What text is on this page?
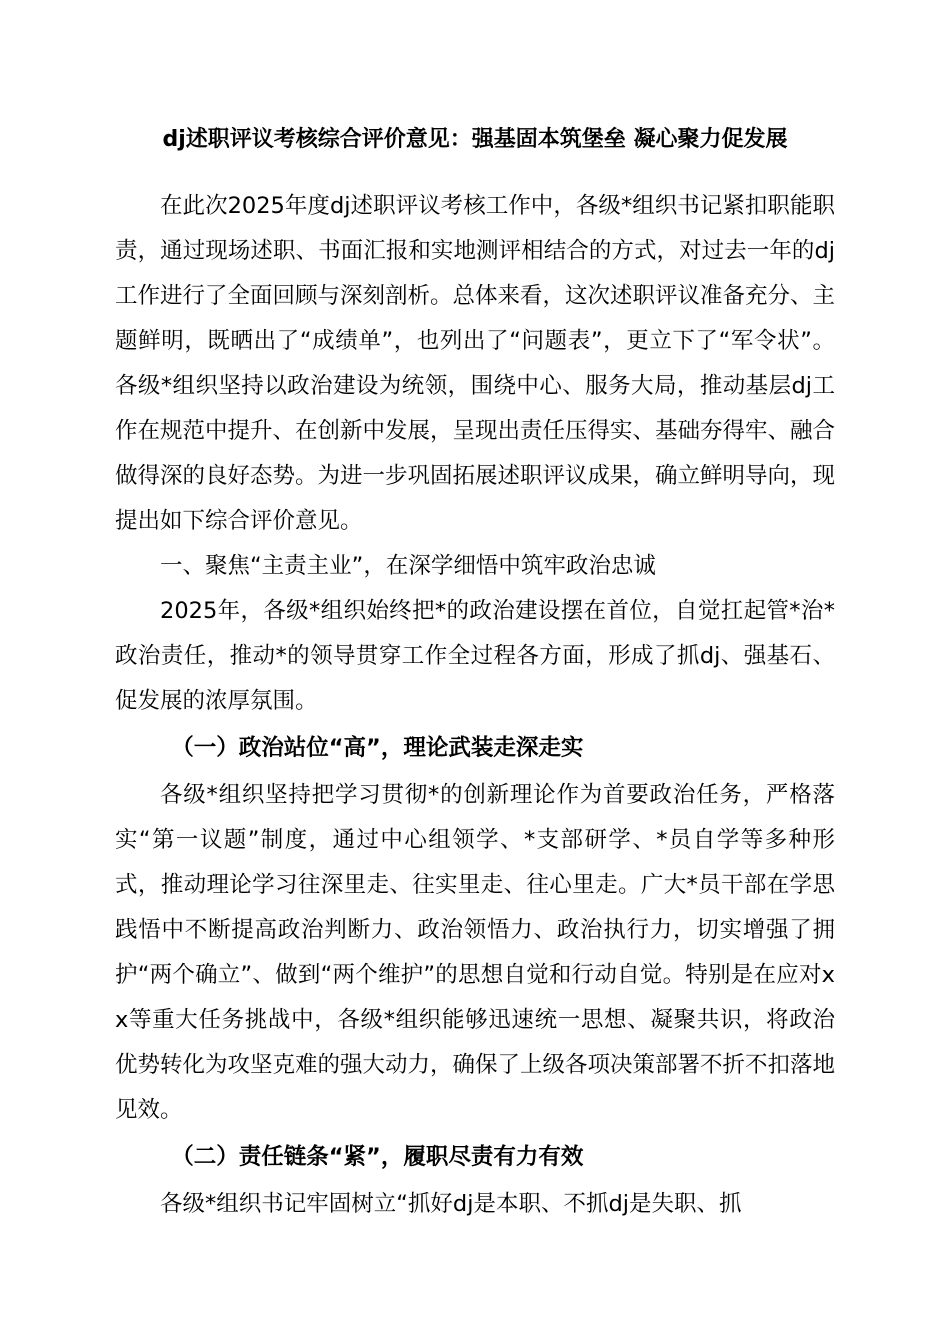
dj述职评议考核综合评价意见：强基固本筑堡垒 凝心聚力促发展

在此次2025年度dj述职评议考核工作中，各级*组织书记紧扣职能职责，通过现场述职、书面汇报和实地测评相结合的方式，对过去一年的dj工作进行了全面回顾与深刻剖析。总体来看，这次述职评议准备充分、主题鲜明，既晒出了“成绩单”，也列出了“问题表”，更立下了“军令状”。各级*组织坚持以政治建设为统领，围绕中心、服务大局，推动基层dj工作在规范中提升、在创新中发展，呈现出责任压得实、基础夯得牢、融合做得深的良好态势。为进一步巩固拓展述职评议成果，确立鲜明导向，现提出如下综合评价意见。

一、聚焦“主责主业”，在深学细悟中筑牢政治忠诚

2025年，各级*组织始终把*的政治建设摆在首位，自觉扛起管*治*政治责任，推动*的领导贯穿工作全过程各方面，形成了抓dj、强基石、促发展的浓厚氛围。

（一）政治站位“高”，理论武装走深走实

各级*组织坚持把学习贯彻*的创新理论作为首要政治任务，严格落实“第一议题”制度，通过中心组领学、*支部研学、*员自学等多种形式，推动理论学习往深里走、往实里走、往心里走。广大*员干部在学思践悟中不断提高政治判断力、政治领悟力、政治执行力，切实增强了拥护“两个确立”、做到“两个维护”的思想自觉和行动自觉。特别是在应对xx等重大任务挑战中，各级*组织能够迅速统一思想、凝聚共识，将政治优势转化为攻坚克难的强大动力，确保了上级各项决策部署不折不扣落地见效。

（二）责任链条“紧”，履职尽责有力有效

各级*组织书记牢固树立“抓好dj是本职、不抓dj是失职、抓
